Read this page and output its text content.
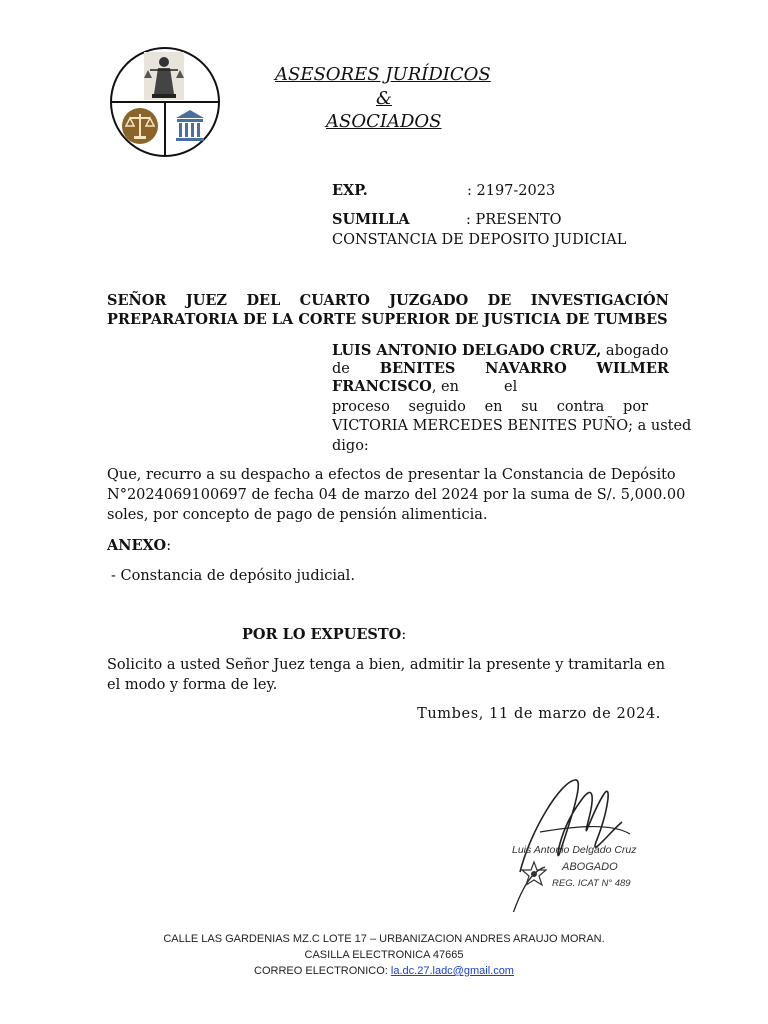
ASESORES JURÍDICOS
&
ASOCIADOS
EXP.	: 2197-2023
SUMILLA	: PRESENTO
CONSTANCIA DE DEPOSITO JUDICIAL
SEÑOR JUEZ DEL CUARTO JUZGADO DE INVESTIGACIÓN
PREPARATORIA DE LA CORTE SUPERIOR DE JUSTICIA DE TUMBES
LUIS ANTONIO DELGADO CRUZ, abogado
de BENITES NAVARRO WILMER
FRANCISCO, en	el
proceso seguido en su contra por
VICTORIA MERCEDES BENITES PUÑO; a usted
digo:
Que, recurro a su despacho a efectos de presentar la Constancia de Depósito
N°2024069100697 de fecha 04 de marzo del 2024 por la suma de S/. 5,000.00
soles, por concepto de pago de pensión alimenticia.
ANEXO:
- Constancia de depósito judicial.
POR LO EXPUESTO:
Solicito a usted Señor Juez tenga a bien, admitir la presente y tramitarla en
el modo y forma de ley.
Tumbes, 11 de marzo de 2024.
Luis Antonio Delgado Cruz
ABOGADO
REG. ICAT N° 489
CALLE LAS GARDENIAS MZ.C LOTE 17 – URBANIZACION ANDRES ARAUJO MORAN.
CASILLA ELECTRONICA 47665
CORREO ELECTRONICO: la.dc.27.ladc@gmail.com
